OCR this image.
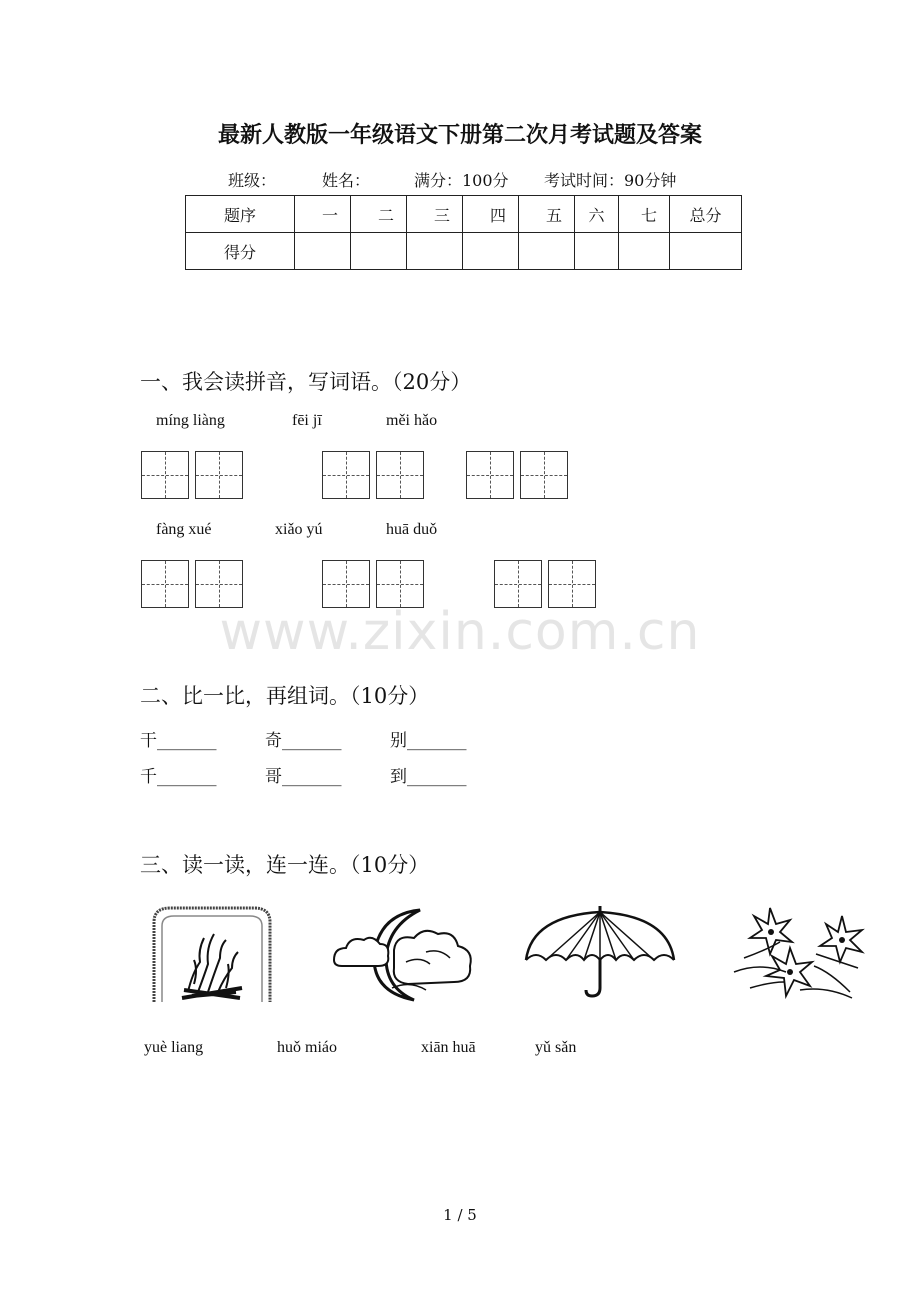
最新人教版一年级语文下册第二次月考试题及答案
班级：	姓名：	满分：100分 考试时间：90分钟
题序	一	二	三	四	五	六	七	总分
得分								
一、我会读拼音，写词语。（20分）
míng liàng	fēi jī	měi hǎo
fàng xué	xiǎo yú	huā duǒ
www.zixin.com.cn
二、比一比，再组词。（10分）
干_______	奇_______	别_______
千_______	哥_______	到_______
三、读一读，连一连。（10分）
yuè liang	huǒ miáo	xiān huā	yǔ sǎn
1 / 5
